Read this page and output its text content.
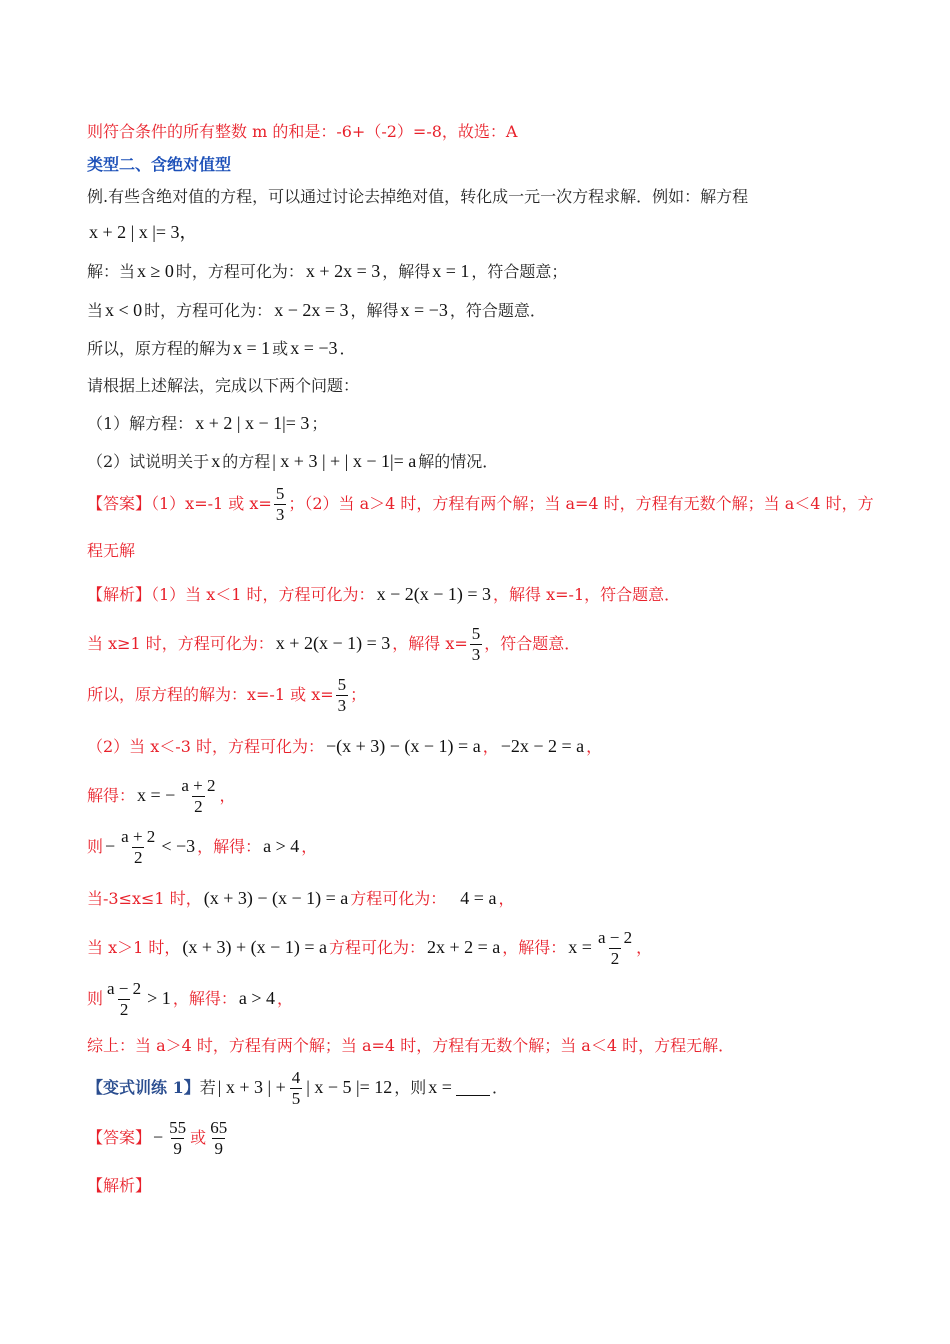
则符合条件的所有整数 m 的和是：-6+（-2）=-8，故选：A
类型二、含绝对值型
例.有些含绝对值的方程，可以通过讨论去掉绝对值，转化成一元一次方程求解．例如：解方程
x + 2 | x |= 3，
解：当 x ≥ 0 时，方程可化为： x + 2x = 3 ，解得 x = 1 ，符合题意；
当 x < 0 时，方程可化为： x − 2x = 3 ，解得 x = −3 ，符合题意．
所以，原方程的解为 x = 1 或 x = −3 ．
请根据上述解法，完成以下两个问题：
（1）解方程： x + 2 | x − 1|= 3 ；
（2）试说明关于 x 的方程 | x + 3 | + | x − 1|= a 解的情况．
【答案】（1）x=-1 或 $x= \frac{5}{3}$ ；（2）当 a＞4 时，方程有两个解；当 a=4 时，方程有无数个解；当 a＜4 时，方
程无解
【解析】（1）当 x＜1 时，方程可化为： x − 2(x − 1) = 3 ，解得 x=-1，符合题意．
当 x≥1 时，方程可化为： x + 2(x − 1) = 3 ，解得 $x= \frac{5}{3}$ ，符合题意．
所以，原方程的解为：x=-1 或 $x= \frac{5}{3}$ ；
（2）当 x＜-3 时，方程可化为： −(x + 3) − (x − 1) = a ， −2x − 2 = a ，
解得： x = − $\frac{a + 2}{2}$ ，
则 − $\frac{a + 2}{2} < -3$ ，解得： a > 4 ，
当-3≤x≤1 时， (x + 3) − (x − 1) = a 方程可化为： 4 = a ，
当 x＞1 时， (x + 3) + (x − 1) = a 方程可化为： 2x + 2 = a ，解得： $x = \frac{a - 2}{2}$ ，
则 $\frac{a - 2}{2} > 1$ ，解得： a > 4 ，
综上：当 a＞4 时，方程有两个解；当 a=4 时，方程有无数个解；当 a＜4 时，方程无解．
【变式训练 1】 若 | x + 3 | + $\frac{4}{5}$ | x − 5 |= 12 ，则 x =	．
【答案】 − $\frac{55}{9}$ 或 $\frac{65}{9}$
【解析】
